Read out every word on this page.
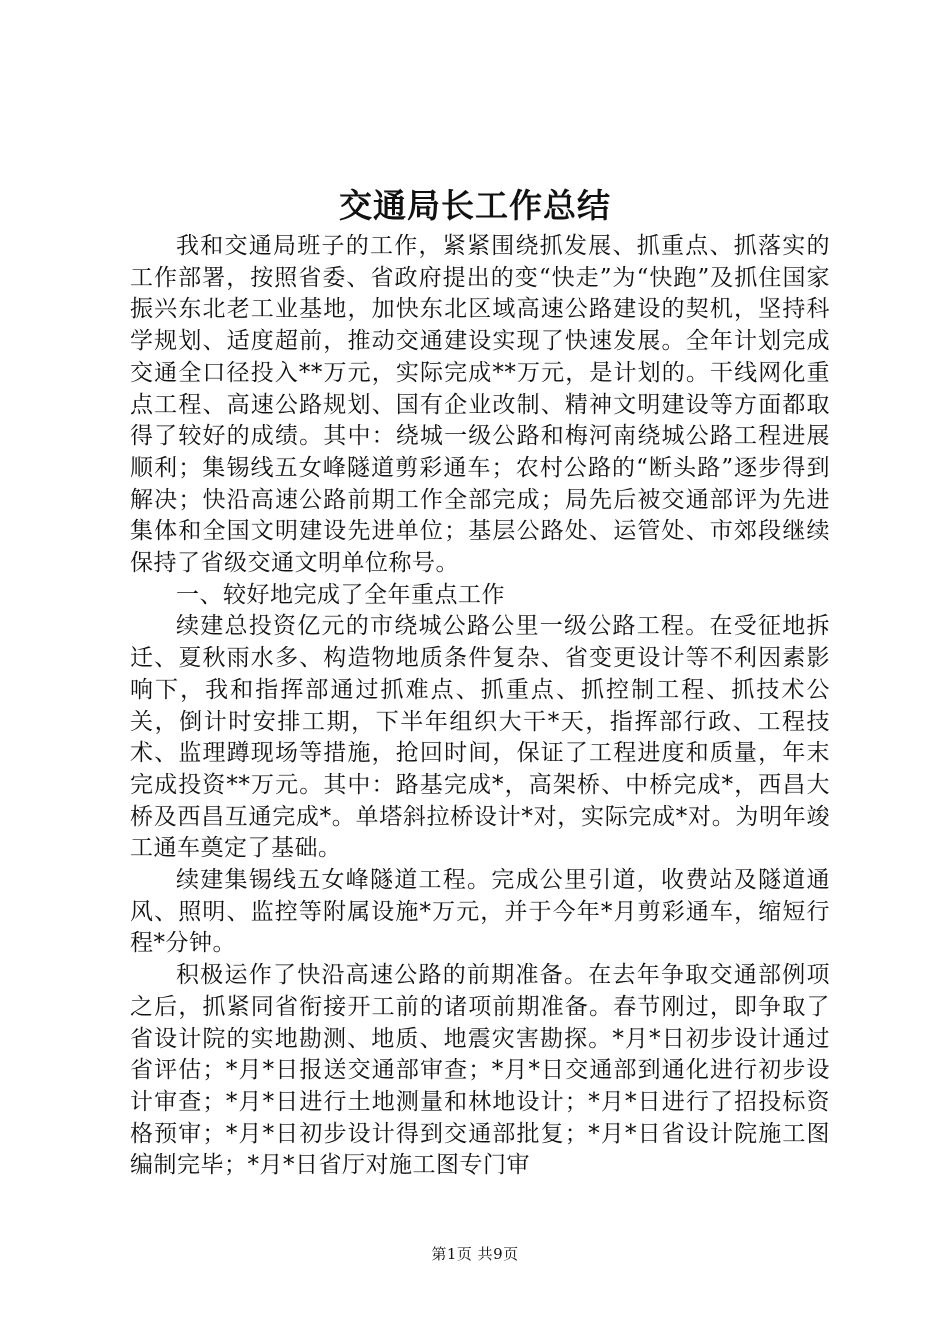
交通局长工作总结

我和交通局班子的工作，紧紧围绕抓发展、抓重点、抓落实的工作部署，按照省委、省政府提出的变“快走”为“快跑”及抓住国家振兴东北老工业基地，加快东北区域高速公路建设的契机，坚持科学规划、适度超前，推动交通建设实现了快速发展。全年计划完成交通全口径投入**万元，实际完成**万元，是计划的。干线网化重点工程、高速公路规划、国有企业改制、精神文明建设等方面都取得了较好的成绩。其中：绕城一级公路和梅河南绕城公路工程进展顺利；集锡线五女峰隧道剪彩通车；农村公路的“断头路”逐步得到解决；快沿高速公路前期工作全部完成；局先后被交通部评为先进集体和全国文明建设先进单位；基层公路处、运管处、市郊段继续保持了省级交通文明单位称号。

一、较好地完成了全年重点工作

续建总投资亿元的市绕城公路公里一级公路工程。在受征地拆迁、夏秋雨水多、构造物地质条件复杂、省变更设计等不利因素影响下，我和指挥部通过抓难点、抓重点、抓控制工程、抓技术公关，倒计时安排工期，下半年组织大干*天，指挥部行政、工程技术、监理蹲现场等措施，抢回时间，保证了工程进度和质量，年末完成投资**万元。其中：路基完成*，高架桥、中桥完成*，西昌大桥及西昌互通完成*。单塔斜拉桥设计*对，实际完成*对。为明年竣工通车奠定了基础。

续建集锡线五女峰隧道工程。完成公里引道，收费站及隧道通风、照明、监控等附属设施*万元，并于今年*月剪彩通车，缩短行程*分钟。

积极运作了快沿高速公路的前期准备。在去年争取交通部例项之后，抓紧同省衔接开工前的诸项前期准备。春节刚过，即争取了省设计院的实地勘测、地质、地震灾害勘探。*月*日初步设计通过省评估；*月*日报送交通部审查；*月*日交通部到通化进行初步设计审查；*月*日进行土地测量和林地设计；*月*日进行了招投标资格预审；*月*日初步设计得到交通部批复；*月*日省设计院施工图编制完毕；*月*日省厅对施工图专门审

第1页 共9页
